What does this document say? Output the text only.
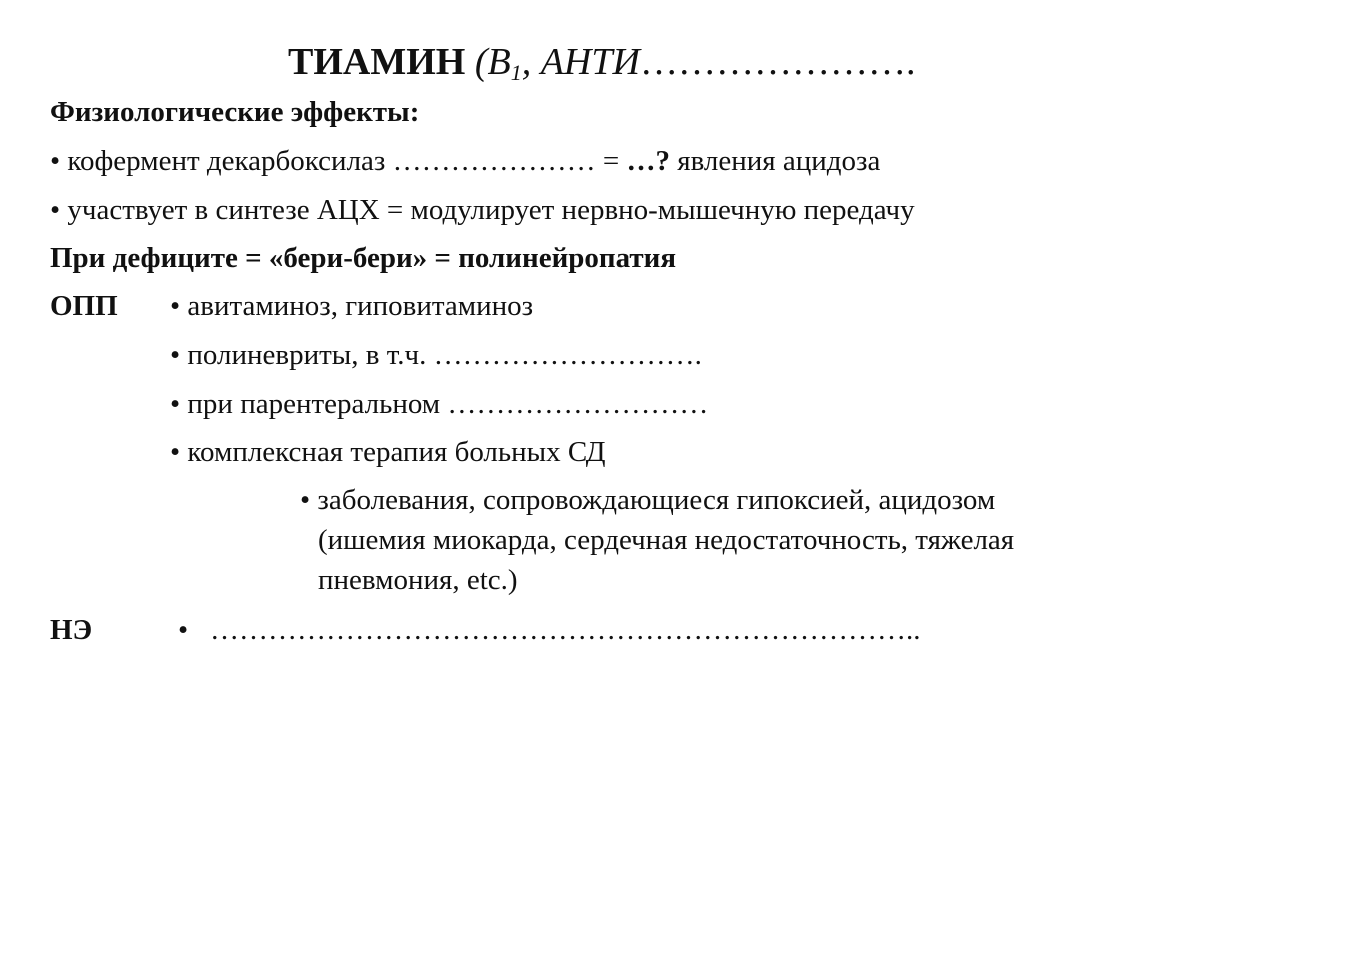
ТИАМИН ($В_1$, АНТИ………………….
Физиологические эффекты:
• кофермент декарбоксилаз ………………… = …? явления ацидоза
• участвует в синтезе АЦХ = модулирует нервно-мышечную передачу
При дефиците = «бери-бери» = полинейропатия
ОПП • авитаминоз, гиповитаминоз
• полиневриты, в т.ч. ……………………….
• при парентеральном ………………………
• комплексная терапия больных СД
• заболевания, сопровождающиеся гипоксией, ацидозом
(ишемия миокарда, сердечная недостаточность, тяжелая
пневмония, etc.)
НЭ	• ………………………………………………………………..
